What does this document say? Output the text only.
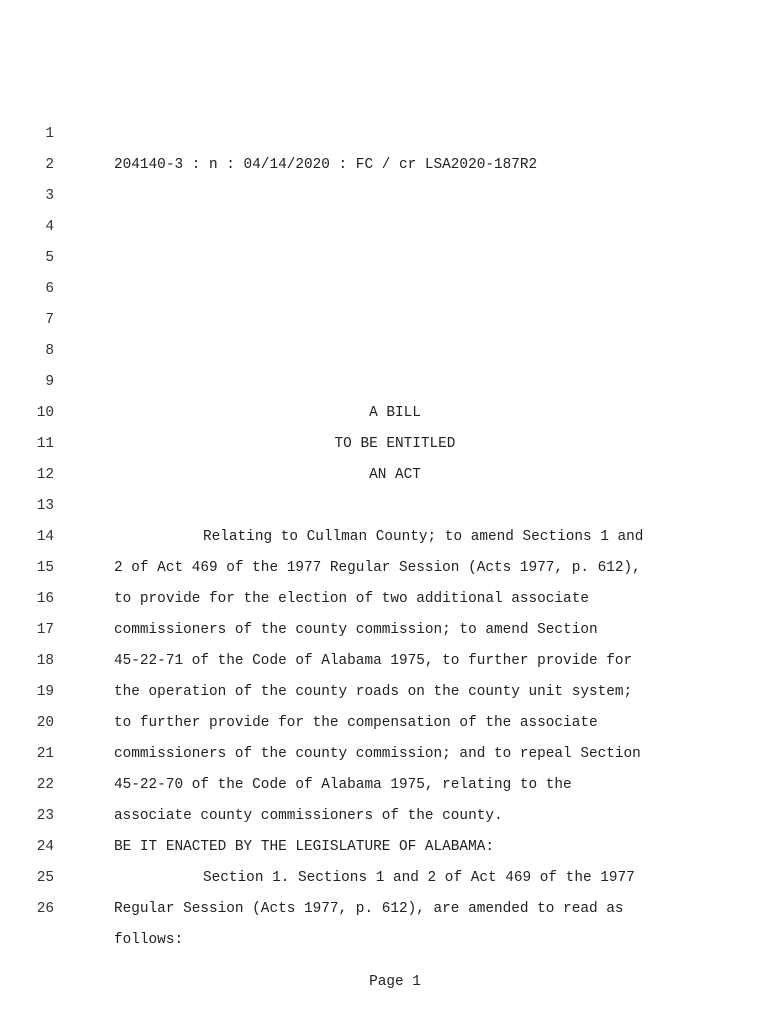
1

204140-3 : n : 04/14/2020 : FC / cr LSA2020-187R2

2

3

4

5

6

7

8

9

A BILL

10

TO BE ENTITLED

11

AN ACT

12

13

Relating to Cullman County; to amend Sections 1 and

14

2 of Act 469 of the 1977 Regular Session (Acts 1977, p. 612),

15

to provide for the election of two additional associate

16

commissioners of the county commission; to amend Section

17

45-22-71 of the Code of Alabama 1975, to further provide for

18

the operation of the county roads on the county unit system;

19

to further provide for the compensation of the associate

20

commissioners of the county commission; and to repeal Section

21

45-22-70 of the Code of Alabama 1975, relating to the

22

associate county commissioners of the county.

23

BE IT ENACTED BY THE LEGISLATURE OF ALABAMA:

24

Section 1. Sections 1 and 2 of Act 469 of the 1977

25

Regular Session (Acts 1977, p. 612), are amended to read as

26

follows:

Page 1
